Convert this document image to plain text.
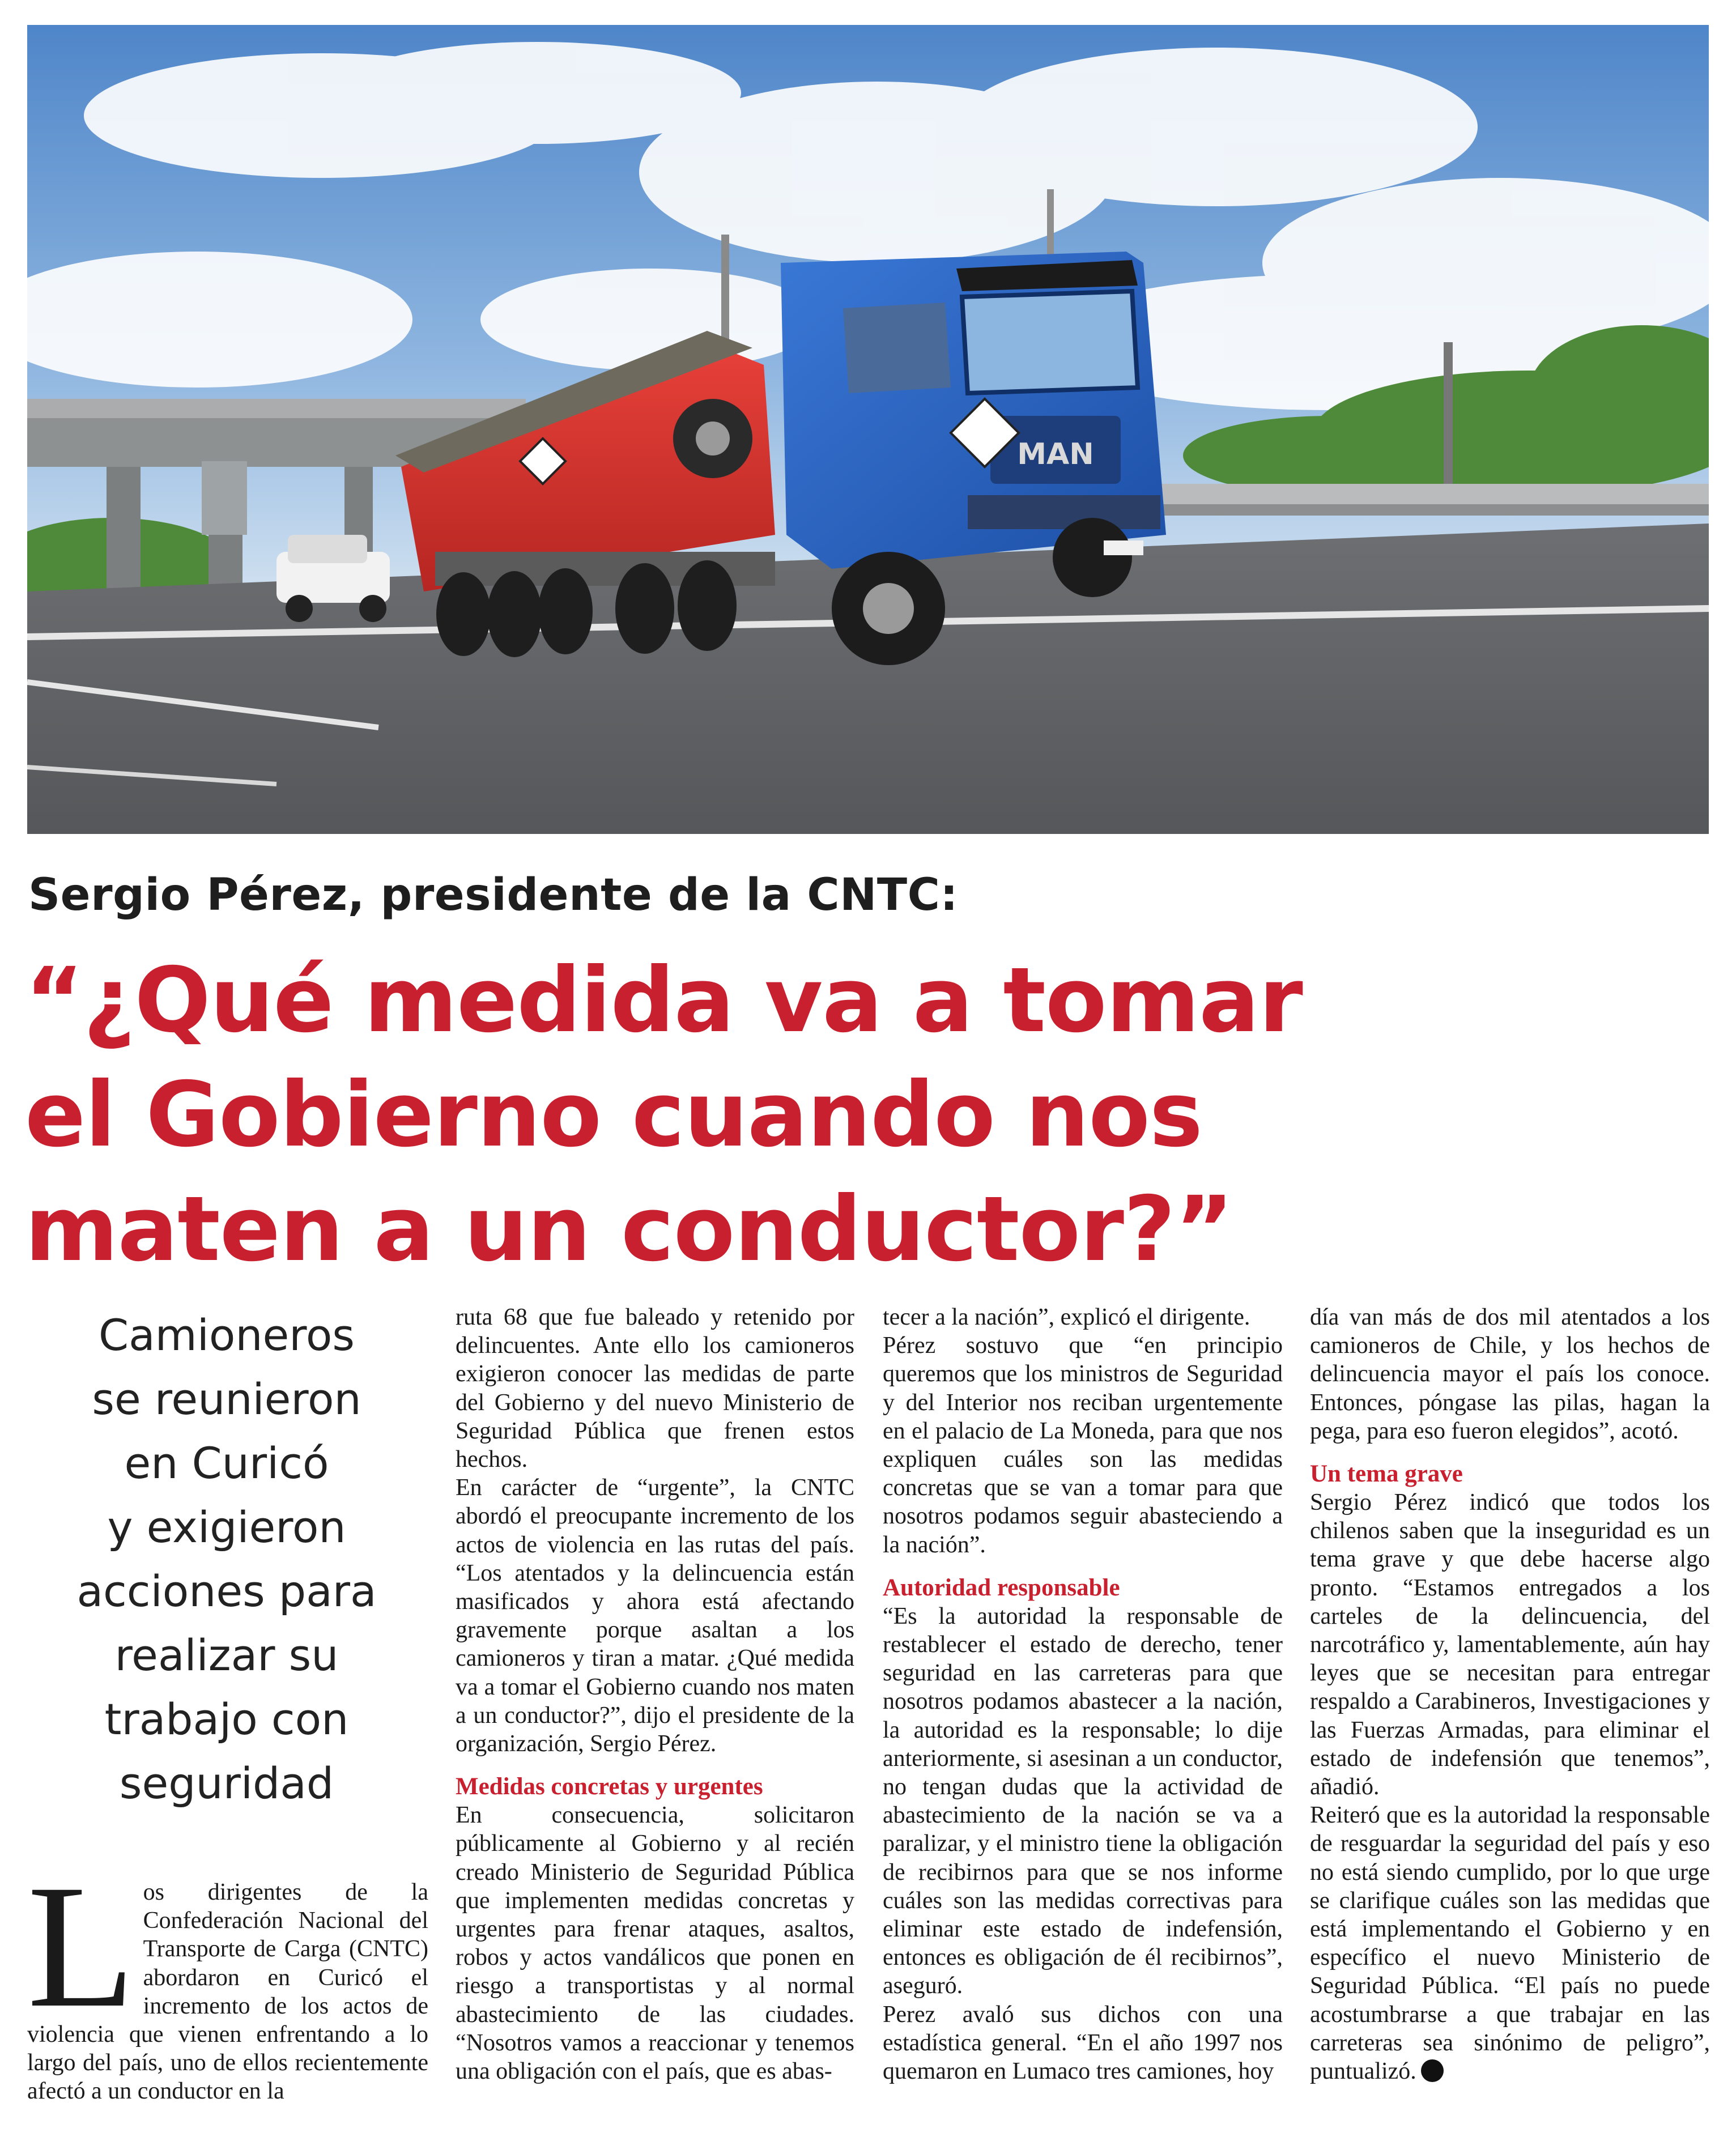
MAN
Sergio Pérez, presidente de la CNTC:
“¿Qué medida va a tomar
el Gobierno cuando nos
maten a un conductor?”
Camioneros
se reunieron
en Curicó
y exigieron
acciones para
realizar su
trabajo con
seguridad
L os dirigentes de la Confederación Nacional del Transporte de Carga (CNTC) abordaron en Curicó el incremento de los actos de violencia que vienen enfrentando a lo largo del país, uno de ellos recientemente afectó a un conductor en la

ruta 68 que fue baleado y retenido por delincuentes. Ante ello los camioneros exigieron conocer las medidas de parte del Gobierno y del nuevo Ministerio de Seguridad Pública que frenen estos hechos.

En carácter de “urgente”, la CNTC abordó el preocupante incremento de los actos de violencia en las rutas del país. “Los atentados y la delincuencia están masificados y ahora está afectando gravemente porque asaltan a los camioneros y tiran a matar. ¿Qué medida va a tomar el Gobierno cuando nos maten a un conductor?”, dijo el presidente de la organización, Sergio Pérez.

Medidas concretas y urgentes

En consecuencia, solicitaron públicamente al Gobierno y al recién creado Ministerio de Seguridad Pública que implementen medidas concretas y urgentes para frenar ataques, asaltos, robos y actos vandálicos que ponen en riesgo a transportistas y al normal abastecimiento de las ciudades. “Nosotros vamos a reaccionar y tenemos una obligación con el país, que es abas-

tecer a la nación”, explicó el dirigente.

Pérez sostuvo que “en principio queremos que los ministros de Seguridad y del Interior nos reciban urgentemente en el palacio de La Moneda, para que nos expliquen cuáles son las medidas concretas que se van a tomar para que nosotros podamos seguir abasteciendo a la nación”.

Autoridad responsable

“Es la autoridad la responsable de restablecer el estado de derecho, tener seguridad en las carreteras para que nosotros podamos abastecer a la nación, la autoridad es la responsable; lo dije anteriormente, si asesinan a un conductor, no tengan dudas que la actividad de abastecimiento de la nación se va a paralizar, y el ministro tiene la obligación de recibirnos para que se nos informe cuáles son las medidas correctivas para eliminar este estado de indefensión, entonces es obligación de él recibirnos”, aseguró.

Perez avaló sus dichos con una estadística general. “En el año 1997 nos quemaron en Lumaco tres camiones, hoy

día van más de dos mil atentados a los camioneros de Chile, y los hechos de delincuencia mayor el país los conoce. Entonces, póngase las pilas, hagan la pega, para eso fueron elegidos”, acotó.

Un tema grave

Sergio Pérez indicó que todos los chilenos saben que la inseguridad es un tema grave y que debe hacerse algo pronto. “Estamos entregados a los carteles de la delincuencia, del narcotráfico y, lamentablemente, aún hay leyes que se necesitan para entregar respaldo a Carabineros, Investigaciones y las Fuerzas Armadas, para eliminar el estado de indefensión que tenemos”, añadió.

Reiteró que es la autoridad la responsable de resguardar la seguridad del país y eso no está siendo cumplido, por lo que urge se clarifique cuáles son las medidas que está implementando el Gobierno y en específico el nuevo Ministerio de Seguridad Pública. “El país no puede acostumbrarse a que trabajar en las carreteras sea sinónimo de peligro”, puntualizó.
